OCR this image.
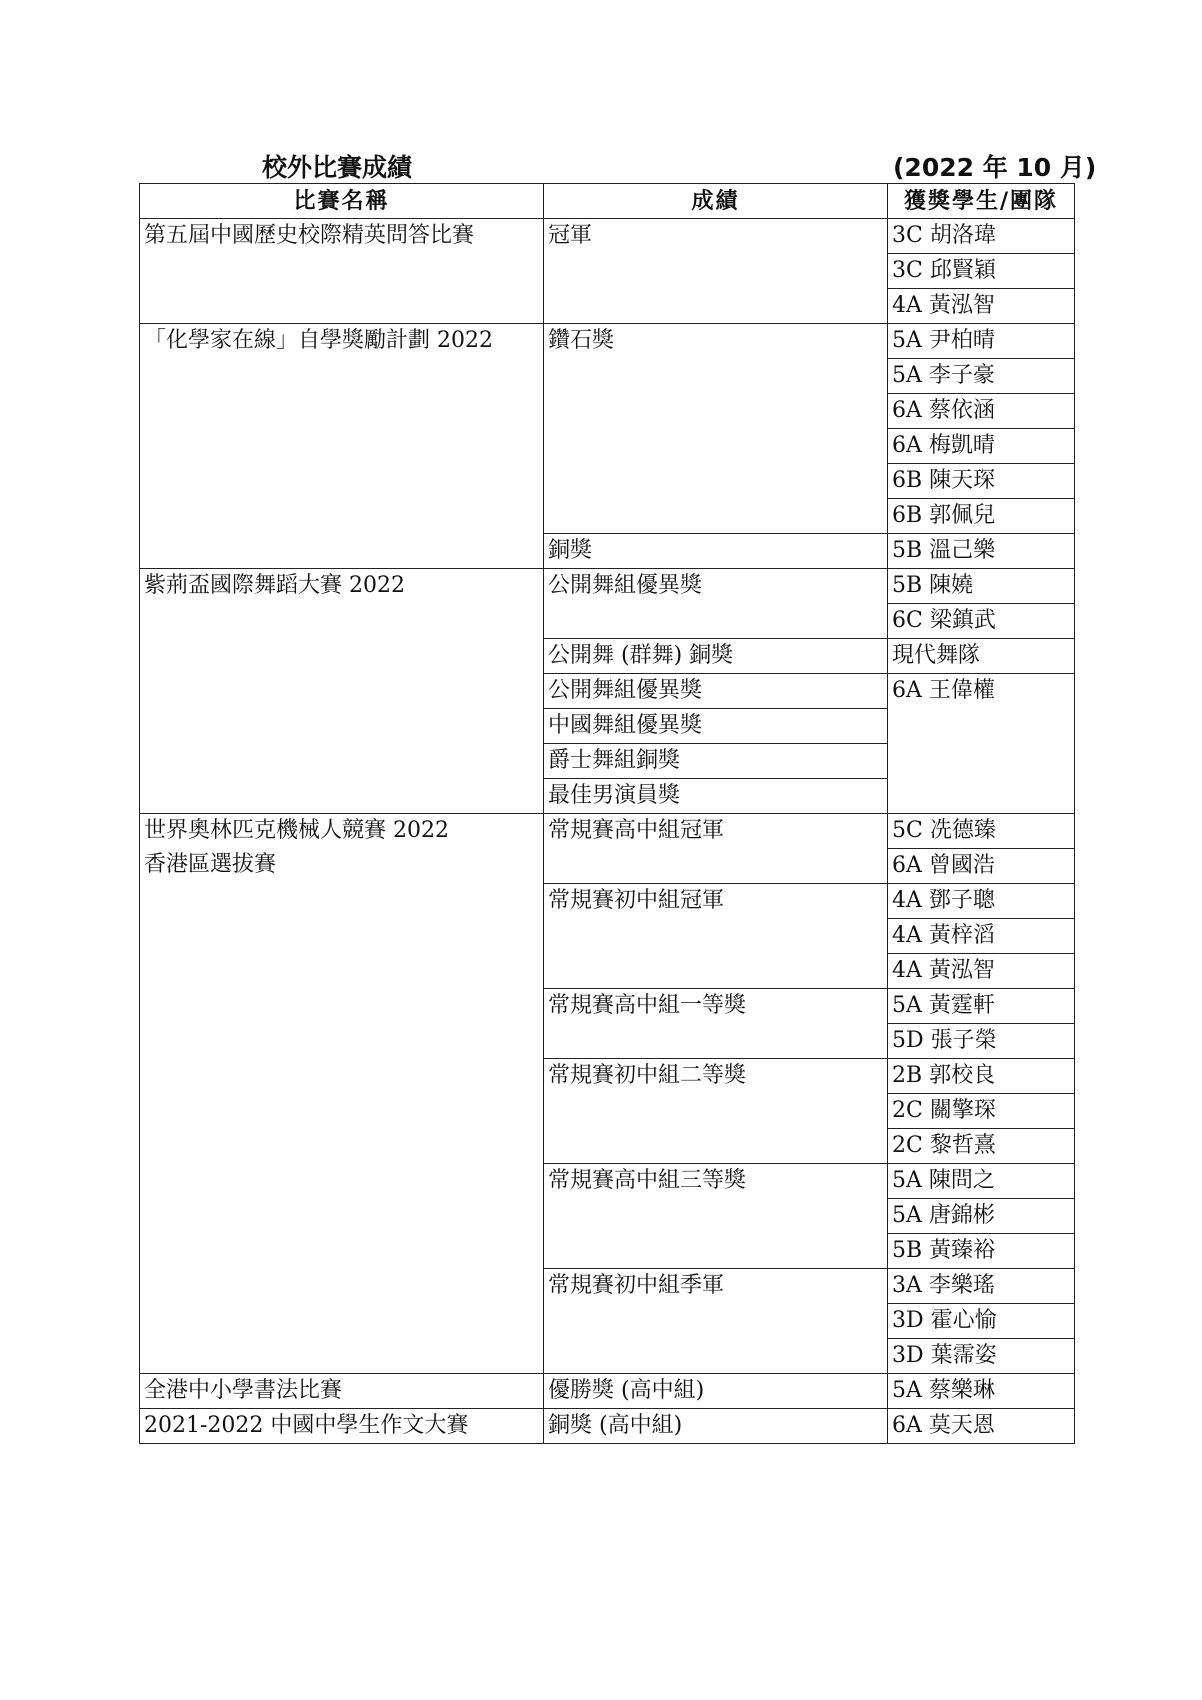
校外比賽成績	(2022 年 10 月)
比賽名稱	成績	獲獎學生/團隊

第五屆中國歷史校際精英問答比賽	冠軍	3C 胡洛瑋
		3C 邱賢穎
		4A 黃泓智

「化學家在線」自學獎勵計劃 2022	鑽石獎	5A 尹柏晴
		5A 李子豪
		6A 蔡依涵
		6A 梅凱晴
		6B 陳天琛
		6B 郭佩兒
	銅獎	5B 溫己樂

紫荊盃國際舞蹈大賽 2022	公開舞組優異獎	5B 陳嬈
		6C 梁鎮武
	公開舞 (群舞) 銅獎	現代舞隊
	公開舞組優異獎	6A 王偉權
	中國舞組優異獎	
	爵士舞組銅獎	
	最佳男演員獎	

世界奧林匹克機械人競賽 2022
香港區選拔賽	常規賽高中組冠軍	5C 冼德臻
		6A 曾國浩
	常規賽初中組冠軍	4A 鄧子聰
		4A 黃梓滔
		4A 黃泓智
	常規賽高中組一等獎	5A 黃霆軒
		5D 張子榮
	常規賽初中組二等獎	2B 郭校良
		2C 關擎琛
		2C 黎哲熹
	常規賽高中組三等獎	5A 陳問之
		5A 唐錦彬
		5B 黃臻裕
	常規賽初中組季軍	3A 李樂瑤
		3D 霍心愉
		3D 葉霈姿

全港中小學書法比賽	優勝獎 (高中組)	5A 蔡樂琳

2021-2022 中國中學生作文大賽	銅獎 (高中組)	6A 莫天恩
